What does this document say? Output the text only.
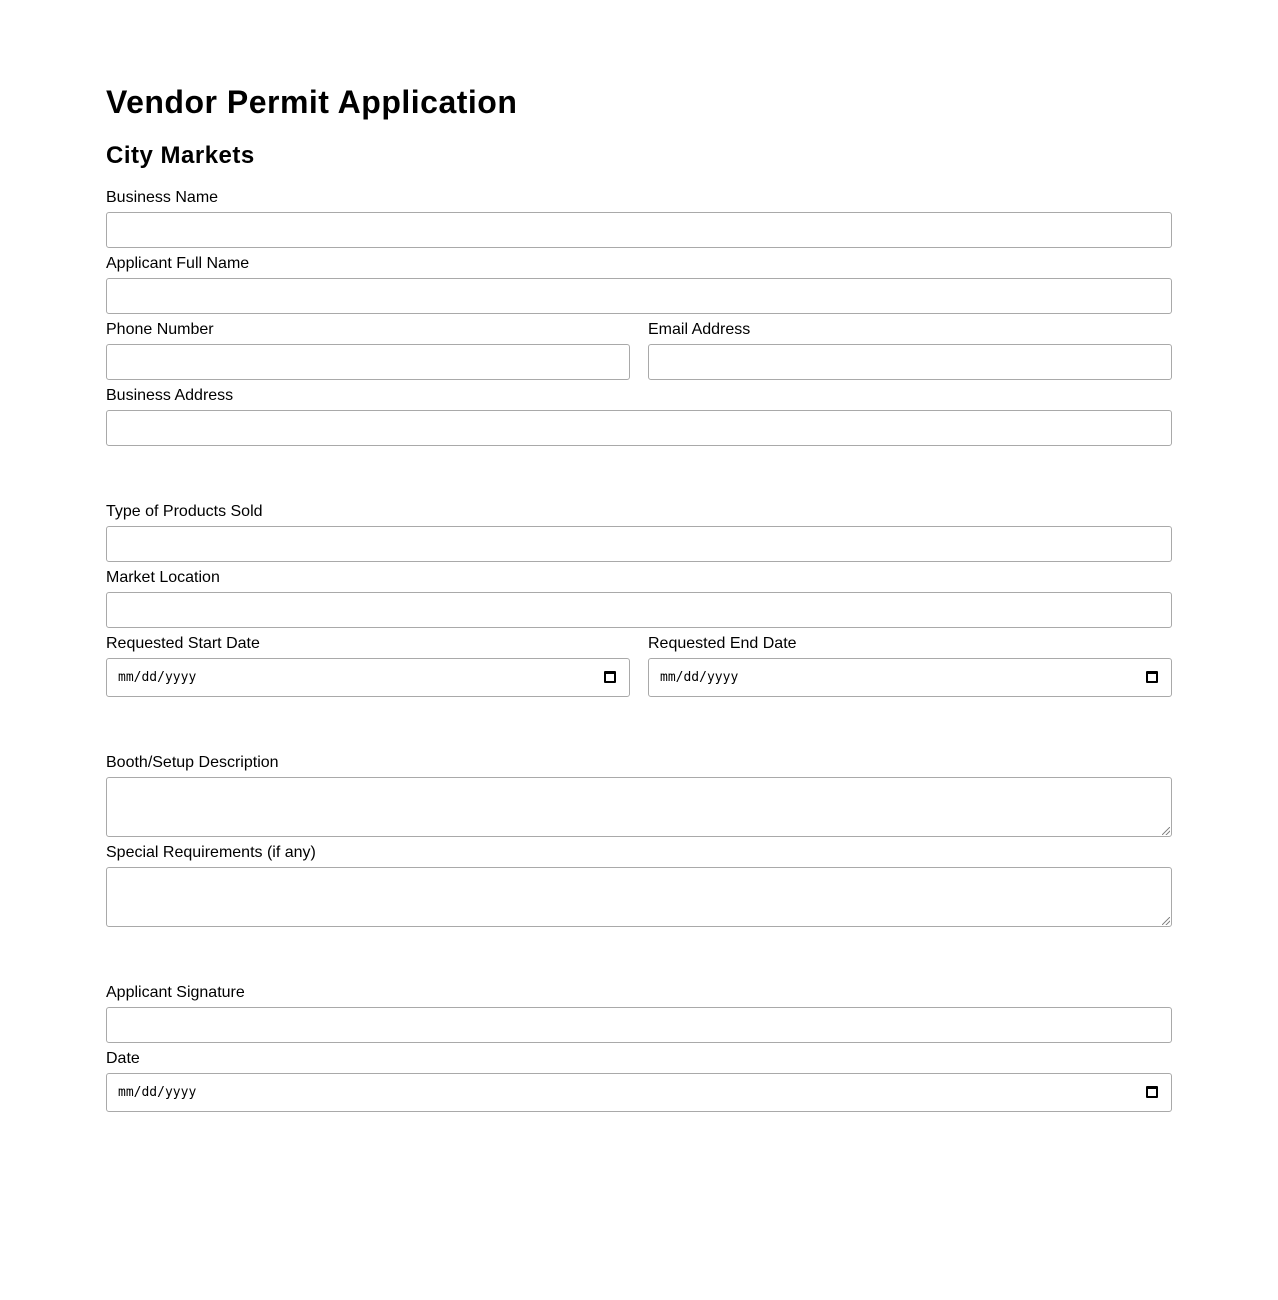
Vendor Permit Application
City Markets
Business Name
Applicant Full Name
Phone Number	Email Address
Business Address
Type of Products Sold
Market Location
Requested Start Date
mm/dd/yyyy
Requested End Date
mm/dd/yyyy
Booth/Setup Description
Special Requirements (if any)
Applicant Signature
Date
mm/dd/yyyy
